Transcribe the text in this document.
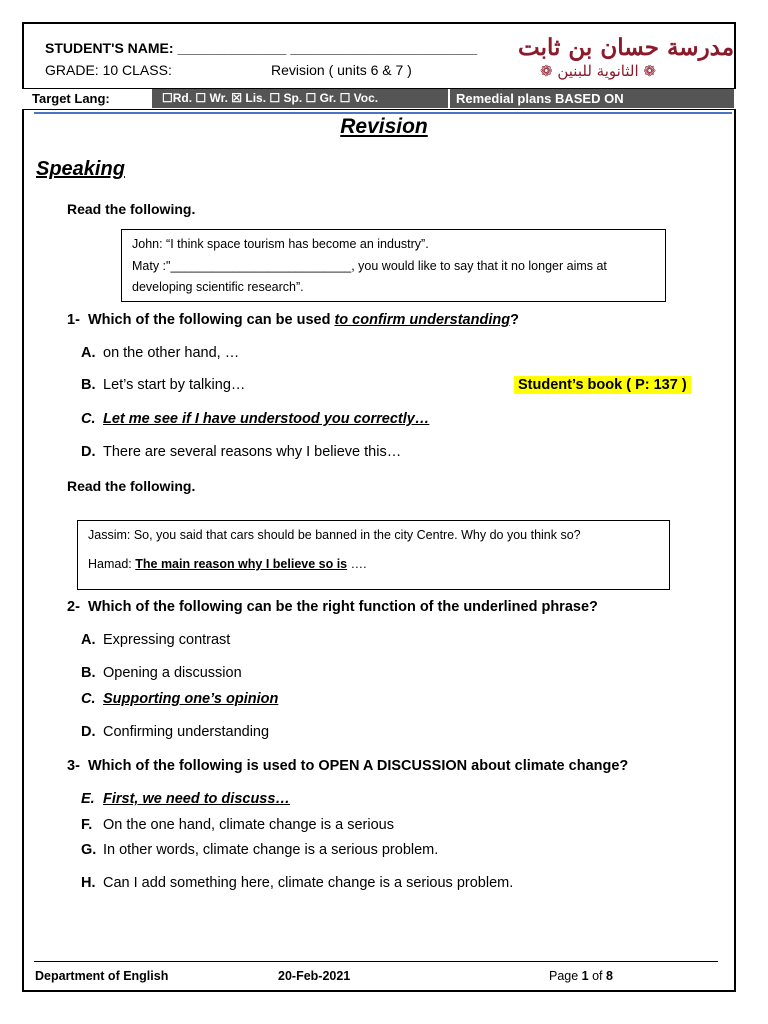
STUDENT'S NAME: ______________ ________________________
GRADE: 10 CLASS:	Revision ( units 6 & 7 )
مدرسة حسان بن ثابت
❁ الثانوية للبنين ❁
Target Lang:	☐Rd. ☐ Wr. ☒ Lis. ☐ Sp. ☐ Gr. ☐ Voc.	Remedial plans BASED ON
Revision
Speaking
Read the following.

John: “I think space tourism has become an industry”.

Maty :"__________________________, you would like to say that it no longer aims at

developing scientific research”.

1- Which of the following can be used to confirm understanding?
A. on the other hand, …
B. Let’s start by talking…	Student’s book ( P: 137 )
C. Let me see if I have understood you correctly…
D. There are several reasons why I believe this…
Read the following.

Jassim: So, you said that cars should be banned in the city Centre. Why do you think so?

Hamad: The main reason why I believe so is ….

2- Which of the following can be the right function of the underlined phrase?
A. Expressing contrast
B. Opening a discussion
C. Supporting one’s opinion
D. Confirming understanding
3- Which of the following is used to OPEN A DISCUSSION about climate change?
E. First, we need to discuss…
F. On the one hand, climate change is a serious
G. In other words, climate change is a serious problem.
H. Can I add something here, climate change is a serious problem.
Department of English	20-Feb-2021	Page 1 of 8
